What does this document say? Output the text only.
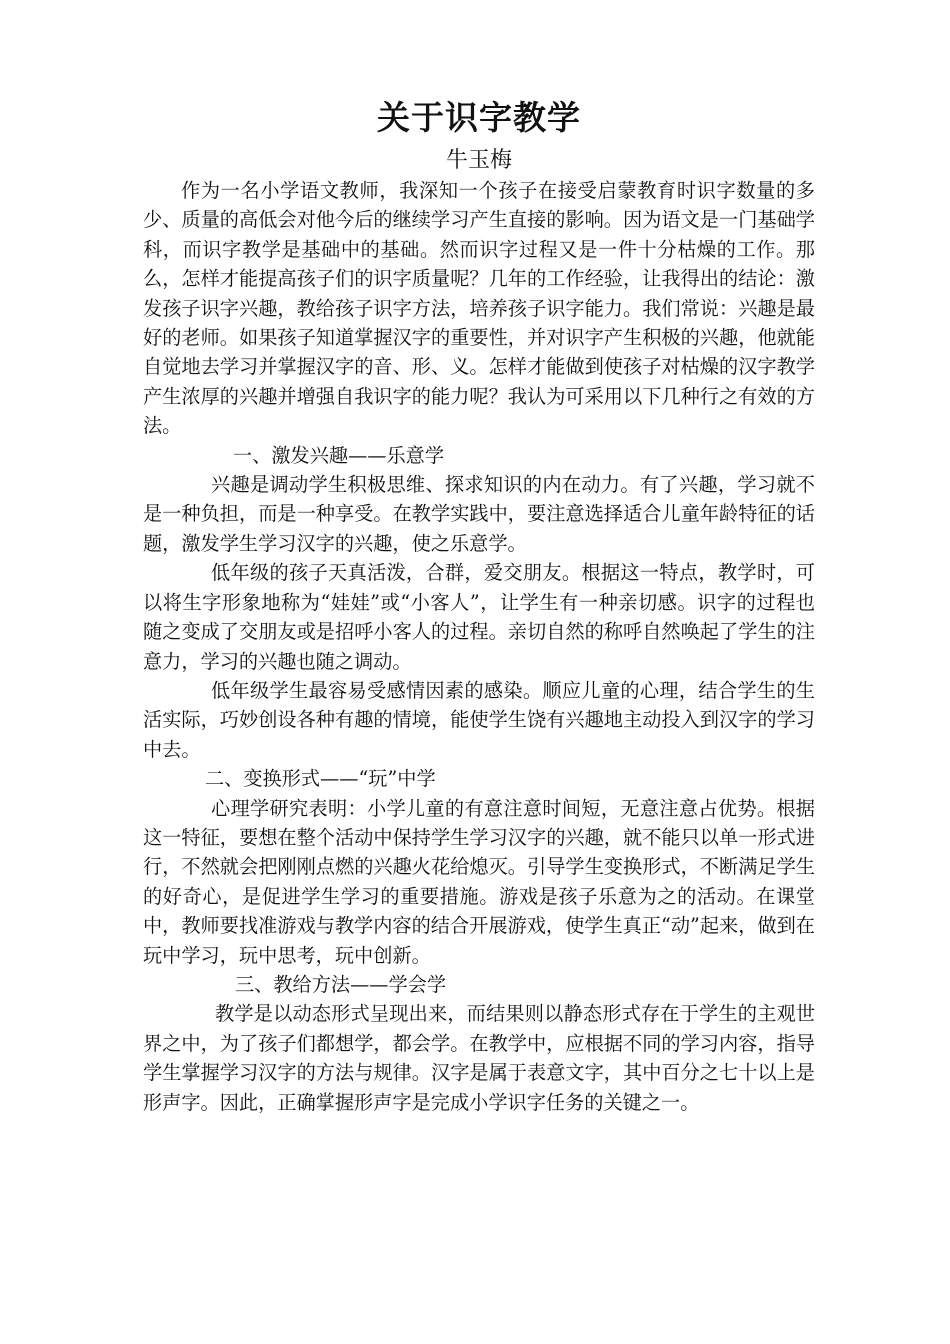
关于识字教学
牛玉梅

作为一名小学语文教师，我深知一个孩子在接受启蒙教育时识字数量的多少、质量的高低会对他今后的继续学习产生直接的影响。因为语文是一门基础学科，而识字教学是基础中的基础。然而识字过程又是一件十分枯燥的工作。那么，怎样才能提高孩子们的识字质量呢？几年的工作经验，让我得出的结论：激发孩子识字兴趣，教给孩子识字方法，培养孩子识字能力。我们常说：兴趣是最好的老师。如果孩子知道掌握汉字的重要性，并对识字产生积极的兴趣，他就能自觉地去学习并掌握汉字的音、形、义。怎样才能做到使孩子对枯燥的汉字教学产生浓厚的兴趣并增强自我识字的能力呢？我认为可采用以下几种行之有效的方法。

一、激发兴趣——乐意学

兴趣是调动学生积极思维、探求知识的内在动力。有了兴趣，学习就不是一种负担，而是一种享受。在教学实践中，要注意选择适合儿童年龄特征的话题，激发学生学习汉字的兴趣，使之乐意学。

低年级的孩子天真活泼，合群，爱交朋友。根据这一特点，教学时，可以将生字形象地称为“娃娃”或“小客人”，让学生有一种亲切感。识字的过程也随之变成了交朋友或是招呼小客人的过程。亲切自然的称呼自然唤起了学生的注意力，学习的兴趣也随之调动。

低年级学生最容易受感情因素的感染。顺应儿童的心理，结合学生的生活实际，巧妙创设各种有趣的情境，能使学生饶有兴趣地主动投入到汉字的学习中去。

二、变换形式——“玩”中学

心理学研究表明：小学儿童的有意注意时间短，无意注意占优势。根据这一特征，要想在整个活动中保持学生学习汉字的兴趣，就不能只以单一形式进行，不然就会把刚刚点燃的兴趣火花给熄灭。引导学生变换形式，不断满足学生的好奇心，是促进学生学习的重要措施。游戏是孩子乐意为之的活动。在课堂中，教师要找准游戏与教学内容的结合开展游戏，使学生真正“动”起来，做到在玩中学习，玩中思考，玩中创新。

三、教给方法——学会学

教学是以动态形式呈现出来，而结果则以静态形式存在于学生的主观世界之中，为了孩子们都想学，都会学。在教学中，应根据不同的学习内容，指导学生掌握学习汉字的方法与规律。汉字是属于表意文字，其中百分之七十以上是形声字。因此，正确掌握形声字是完成小学识字任务的关键之一。
